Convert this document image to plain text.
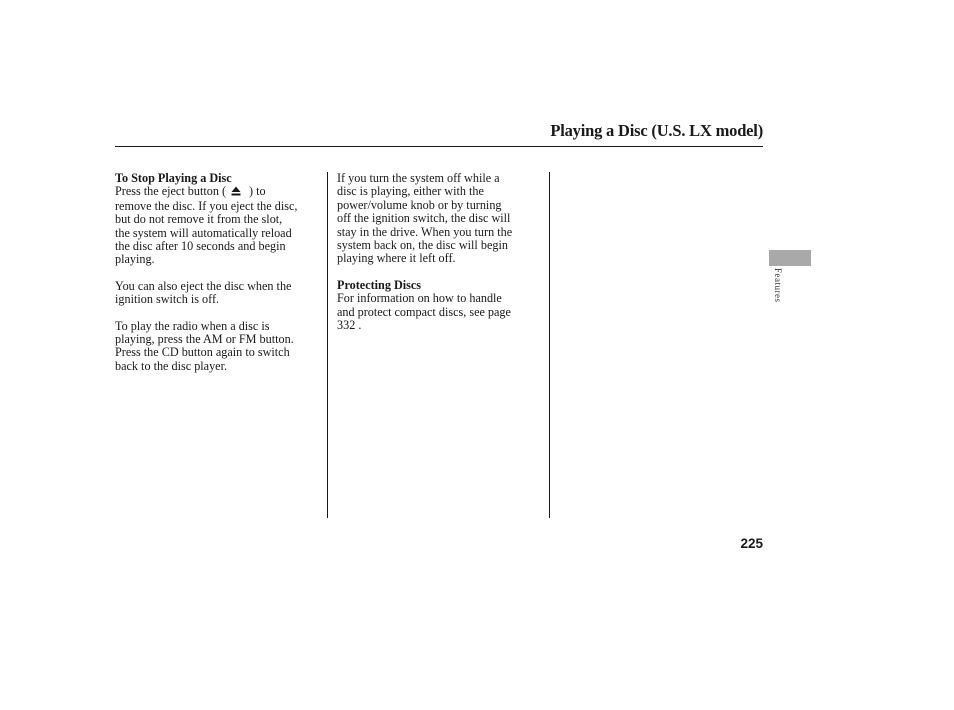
Playing a Disc (U.S. LX model)
To Stop Playing a Disc
Press the eject button ( ) to
remove the disc. If you eject the disc,
but do not remove it from the slot,
the system will automatically reload
the disc after 10 seconds and begin
playing.
You can also eject the disc when the
ignition switch is off.
To play the radio when a disc is
playing, press the AM or FM button.
Press the CD button again to switch
back to the disc player.
If you turn the system off while a
disc is playing, either with the
power/volume knob or by turning
off the ignition switch, the disc will
stay in the drive. When you turn the
system back on, the disc will begin
playing where it left off.
Protecting Discs
For information on how to handle
and protect compact discs, see page
332 .
Features
225
